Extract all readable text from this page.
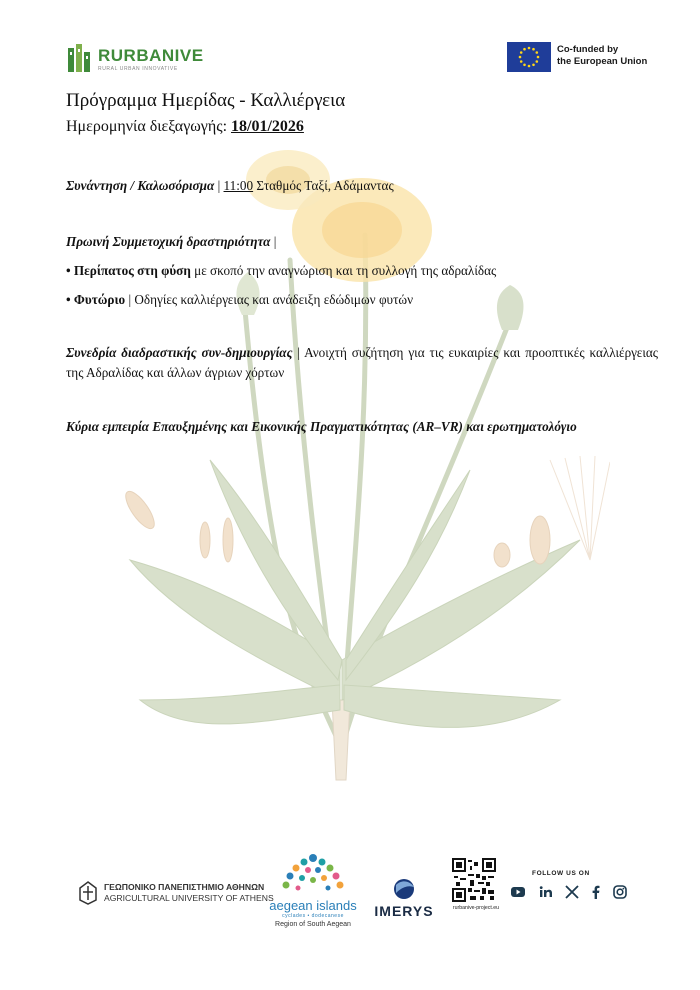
RURBANIVE
RURAL URBAN INNOVATIVE
Co-funded by
the European Union
Πρόγραμμα Ημερίδας - Καλλιέργεια
Ημερομηνία διεξαγωγής: 18/01/2026
Συνάντηση / Καλωσόρισμα | 11:00 Σταθμός Ταξί, Αδάμαντας
Πρωινή Συμμετοχική δραστηριότητα |
• Περίπατος στη φύση με σκοπό την αναγνώριση και τη συλλογή της αδραλίδας
• Φυτώριο | Οδηγίες καλλιέργειας και ανάδειξη εδώδιμων φυτών
Συνεδρία διαδραστικής συν-δημιουργίας | Ανοιχτή συζήτηση για τις ευκαιρίες και προοπτικές καλλιέργειας της Αδραλίδας και άλλων άγριων χόρτων
Κύρια εμπειρία Επαυξημένης και Εικονικής Πραγματικότητας (AR–VR) και ερωτηματολόγιο
ΓΕΩΠΟΝΙΚΟ ΠΑΝΕΠΙΣΤΗΜΙΟ ΑΘΗΝΩΝ
AGRICULTURAL UNIVERSITY OF ATHENS
aegean islands
cyclades • dodecanese
Region of South Aegean
IMERYS	rurbanive-project.eu
FOLLOW US ON
